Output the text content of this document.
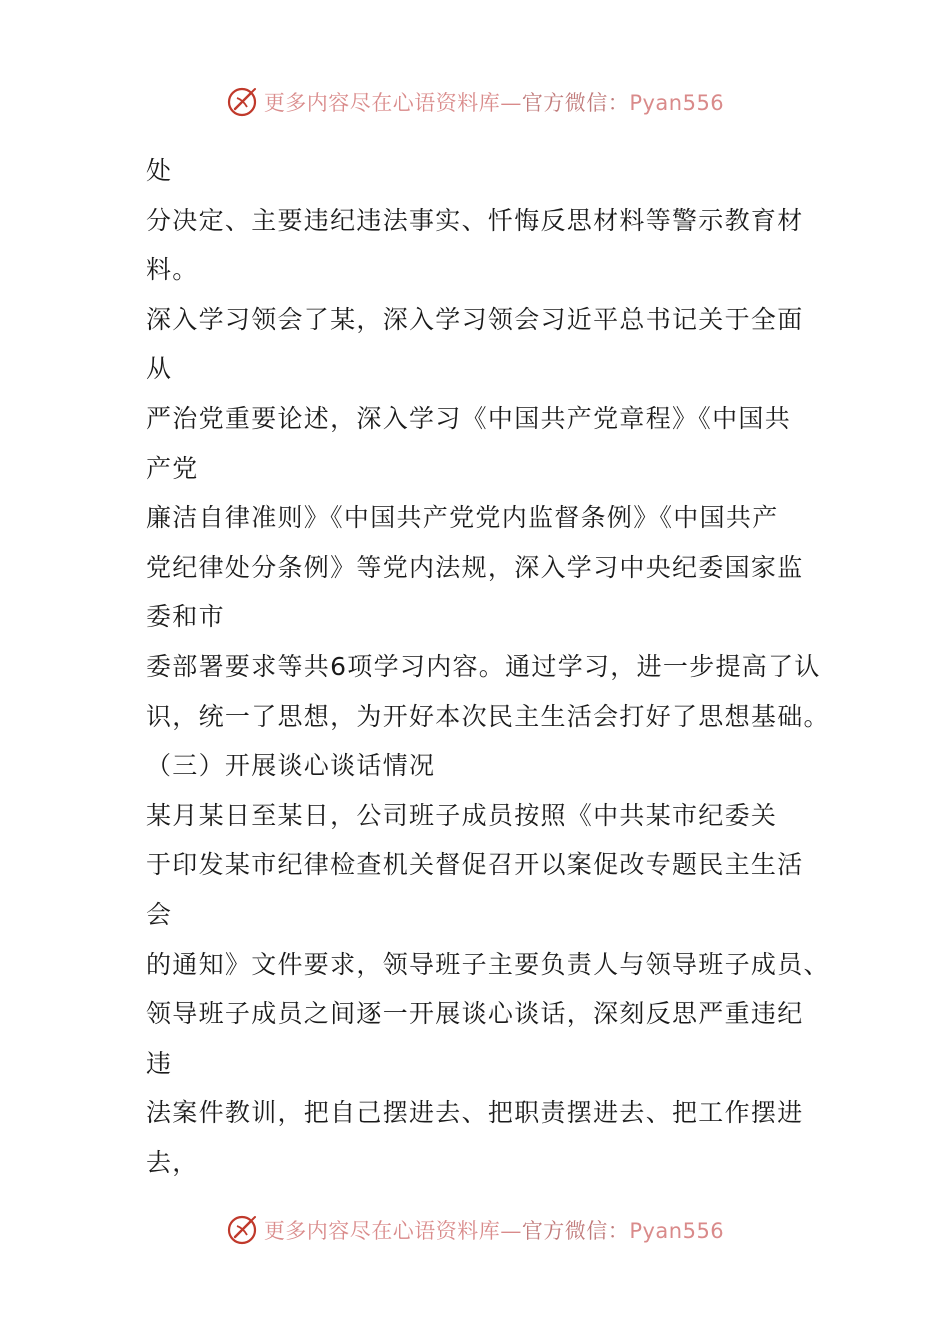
更多内容尽在心语资料库—官方微信：Pyan556
处
分决定、主要违纪违法事实、忏悔反思材料等警示教育材
料。
深入学习领会了某，深入学习领会习近平总书记关于全面
从
严治党重要论述，深入学习《中国共产党章程》《中国共
产党
廉洁自律准则》《中国共产党党内监督条例》《中国共产
党纪律处分条例》等党内法规，深入学习中央纪委国家监
委和市
委部署要求等共6项学习内容。通过学习，进一步提高了认
识，统一了思想，为开好本次民主生活会打好了思想基础。
（三）开展谈心谈话情况
某月某日至某日，公司班子成员按照《中共某市纪委关
于印发某市纪律检查机关督促召开以案促改专题民主生活
会
的通知》文件要求，领导班子主要负责人与领导班子成员、
领导班子成员之间逐一开展谈心谈话，深刻反思严重违纪
违
法案件教训，把自己摆进去、把职责摆进去、把工作摆进
去，
更多内容尽在心语资料库—官方微信：Pyan556
